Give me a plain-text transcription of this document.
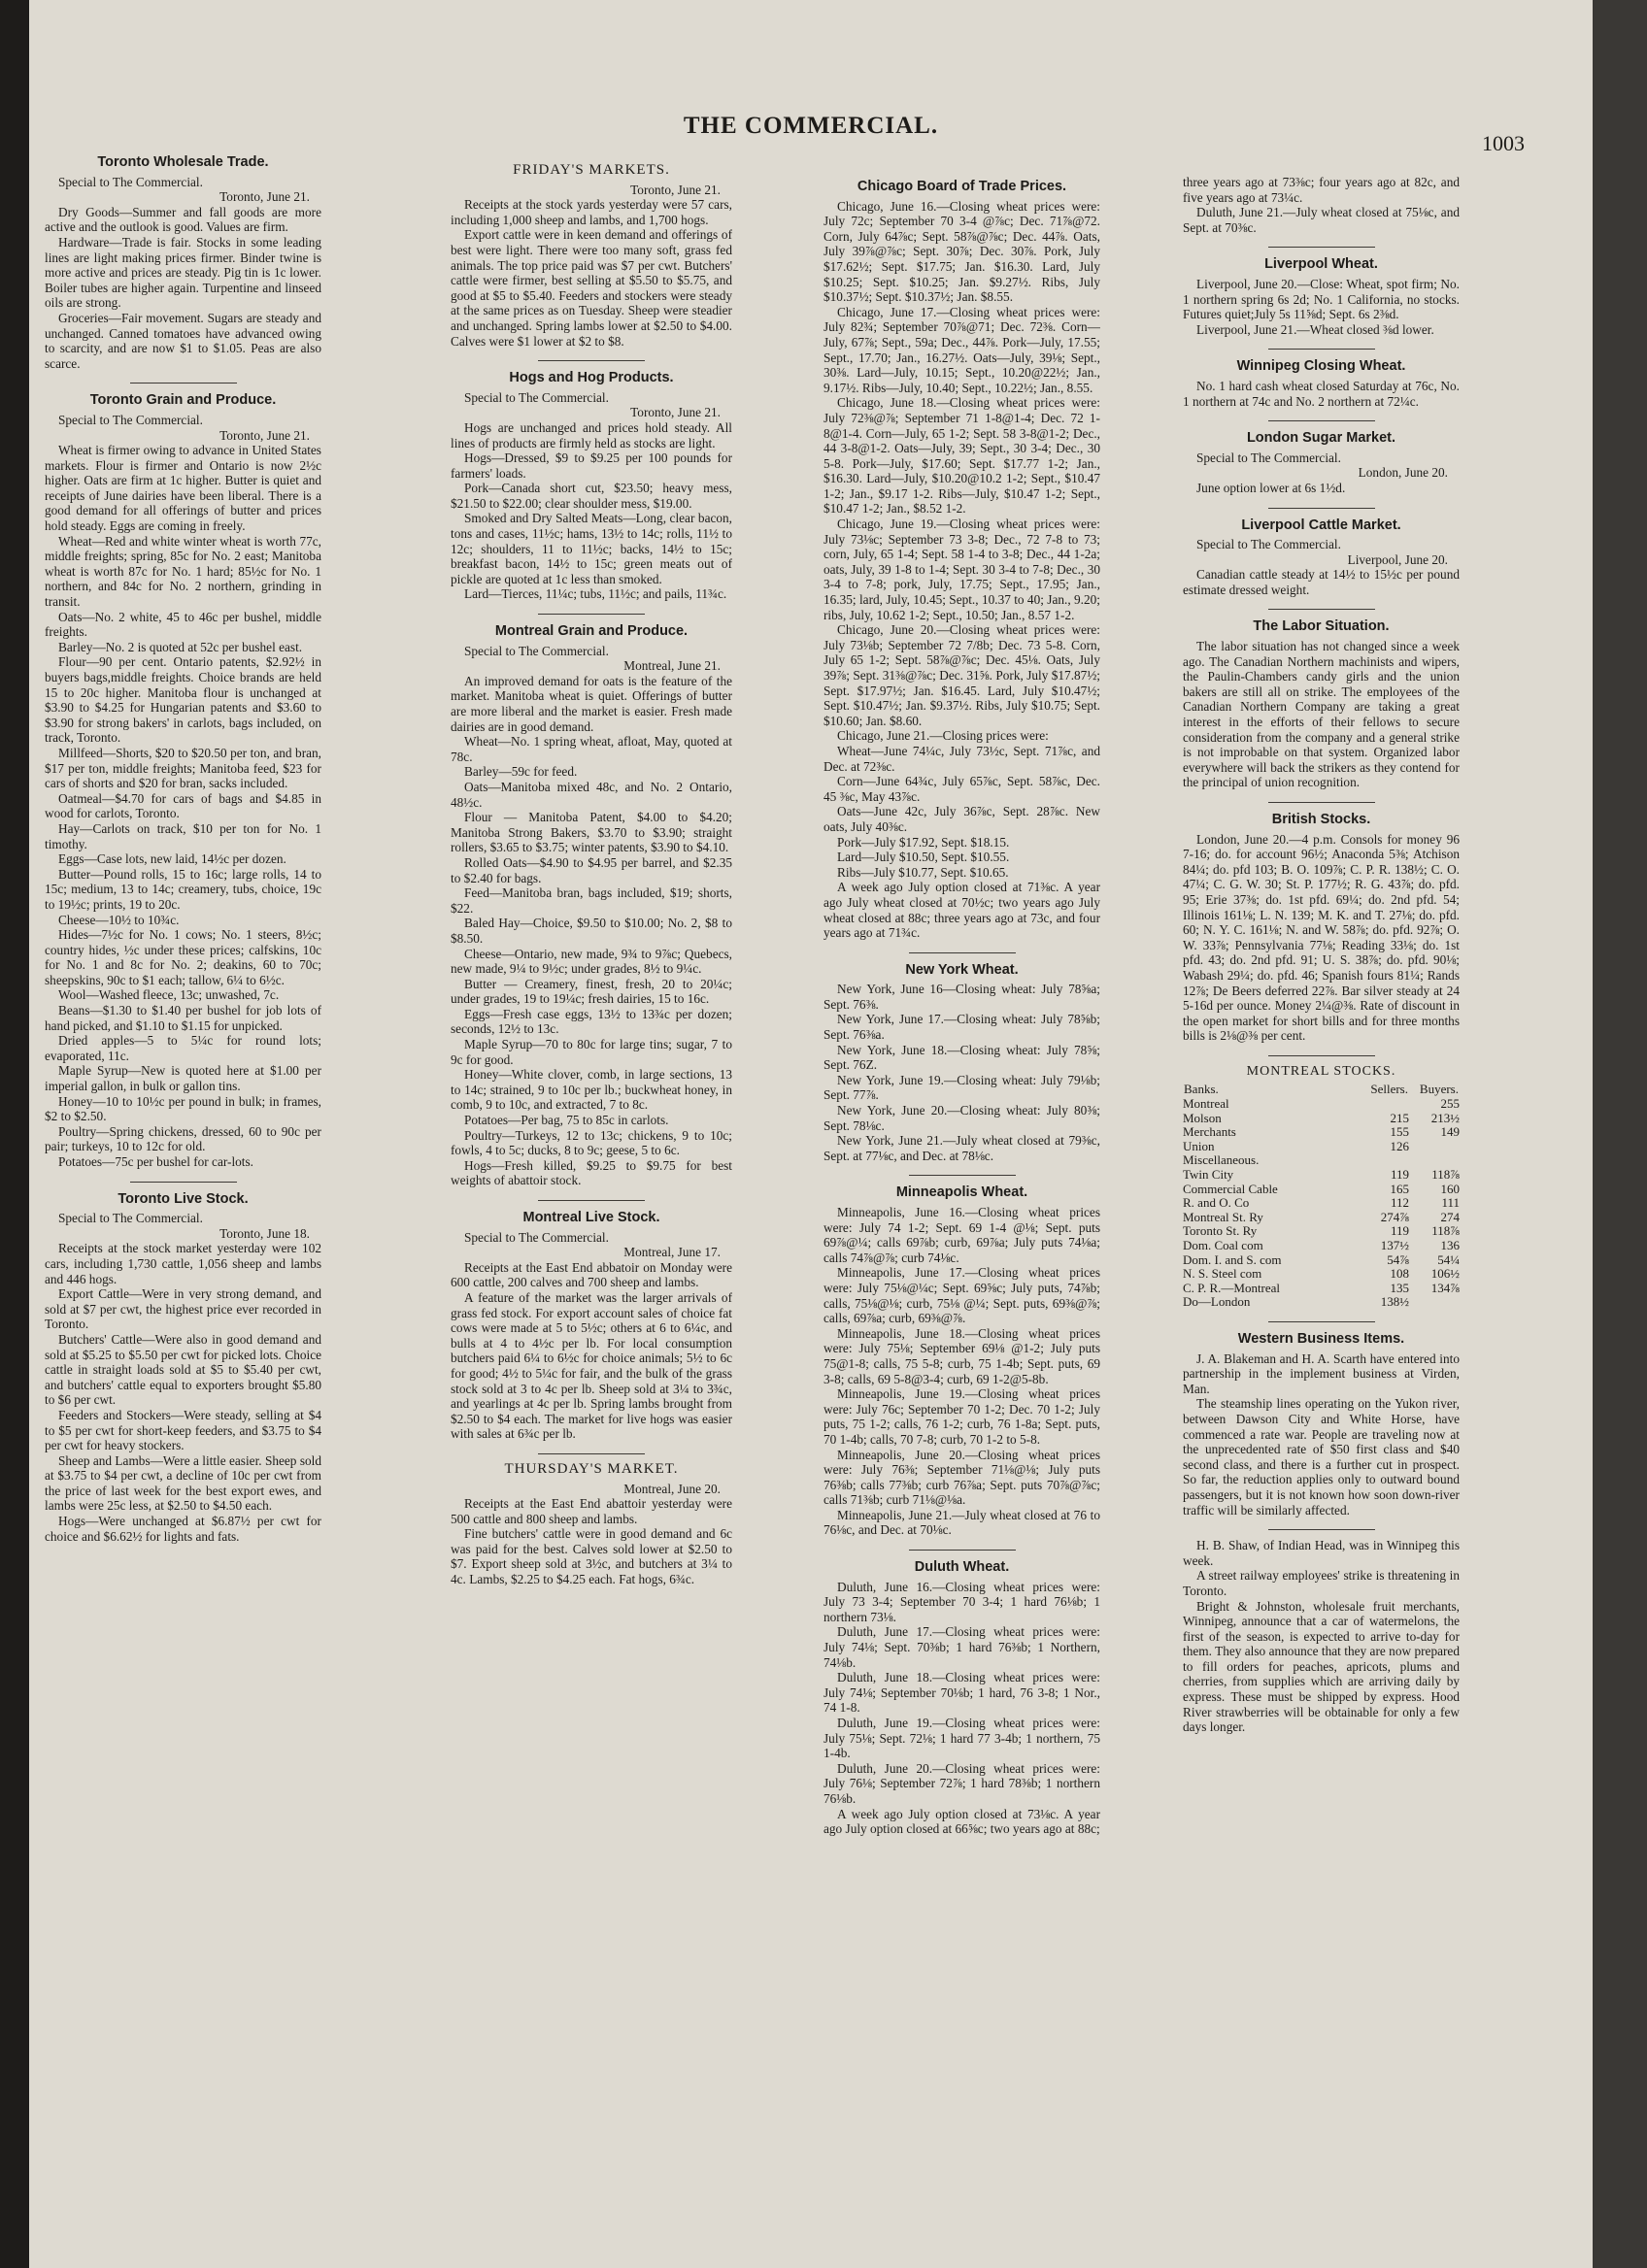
THE COMMERCIAL.
1003
Toronto Wholesale Trade.

Special to The Commercial.

Toronto, June 21.

Dry Goods—Summer and fall goods are more active and the outlook is good. Values are firm.

Hardware—Trade is fair. Stocks in some leading lines are light making prices firmer. Binder twine is more active and prices are steady. Pig tin is 1c lower. Boiler tubes are higher again. Turpentine and linseed oils are strong.

Groceries—Fair movement. Sugars are steady and unchanged. Canned tomatoes have advanced owing to scarcity, and are now $1 to $1.05. Peas are also scarce.

Toronto Grain and Produce.

Special to The Commercial.

Toronto, June 21.

Wheat is firmer owing to advance in United States markets. Flour is firmer and Ontario is now 2½c higher. Oats are firm at 1c higher. Butter is quiet and receipts of June dairies have been liberal. There is a good demand for all offerings of butter and prices hold steady. Eggs are coming in freely.

Wheat—Red and white winter wheat is worth 77c, middle freights; spring, 85c for No. 2 east; Manitoba wheat is worth 87c for No. 1 hard; 85½c for No. 1 northern, and 84c for No. 2 northern, grinding in transit.

Oats—No. 2 white, 45 to 46c per bushel, middle freights.

Barley—No. 2 is quoted at 52c per bushel east.

Flour—90 per cent. Ontario patents, $2.92½ in buyers bags,middle freights. Choice brands are held 15 to 20c higher. Manitoba flour is unchanged at $3.90 to $4.25 for Hungarian patents and $3.60 to $3.90 for strong bakers' in carlots, bags included, on track, Toronto.

Millfeed—Shorts, $20 to $20.50 per ton, and bran, $17 per ton, middle freights; Manitoba feed, $23 for cars of shorts and $20 for bran, sacks included.

Oatmeal—$4.70 for cars of bags and $4.85 in wood for carlots, Toronto.

Hay—Carlots on track, $10 per ton for No. 1 timothy.

Eggs—Case lots, new laid, 14½c per dozen.

Butter—Pound rolls, 15 to 16c; large rolls, 14 to 15c; medium, 13 to 14c; creamery, tubs, choice, 19c to 19½c; prints, 19 to 20c.

Cheese—10½ to 10¾c.

Hides—7½c for No. 1 cows; No. 1 steers, 8½c; country hides, ½c under these prices; calfskins, 10c for No. 1 and 8c for No. 2; deakins, 60 to 70c; sheepskins, 90c to $1 each; tallow, 6¼ to 6½c.

Wool—Washed fleece, 13c; unwashed, 7c.

Beans—$1.30 to $1.40 per bushel for job lots of hand picked, and $1.10 to $1.15 for unpicked.

Dried apples—5 to 5¼c for round lots; evaporated, 11c.

Maple Syrup—New is quoted here at $1.00 per imperial gallon, in bulk or gallon tins.

Honey—10 to 10½c per pound in bulk; in frames, $2 to $2.50.

Poultry—Spring chickens, dressed, 60 to 90c per pair; turkeys, 10 to 12c for old.

Potatoes—75c per bushel for car-lots.

Toronto Live Stock.

Special to The Commercial.

Toronto, June 18.

Receipts at the stock market yesterday were 102 cars, including 1,730 cattle, 1,056 sheep and lambs and 446 hogs.

Export Cattle—Were in very strong demand, and sold at $7 per cwt, the highest price ever recorded in Toronto.

Butchers' Cattle—Were also in good demand and sold at $5.25 to $5.50 per cwt for picked lots. Choice cattle in straight loads sold at $5 to $5.40 per cwt, and butchers' cattle equal to exporters brought $5.80 to $6 per cwt.

Feeders and Stockers—Were steady, selling at $4 to $5 per cwt for short-keep feeders, and $3.75 to $4 per cwt for heavy stockers.

Sheep and Lambs—Were a little easier. Sheep sold at $3.75 to $4 per cwt, a decline of 10c per cwt from the price of last week for the best export ewes, and lambs were 25c less, at $2.50 to $4.50 each.

Hogs—Were unchanged at $6.87½ per cwt for choice and $6.62½ for lights and fats.

FRIDAY'S MARKETS.

Toronto, June 21.

Receipts at the stock yards yesterday were 57 cars, including 1,000 sheep and lambs, and 1,700 hogs.

Export cattle were in keen demand and offerings of best were light. There were too many soft, grass fed animals. The top price paid was $7 per cwt. Butchers' cattle were firmer, best selling at $5.50 to $5.75, and good at $5 to $5.40. Feeders and stockers were steady at the same prices as on Tuesday. Sheep were steadier and unchanged. Spring lambs lower at $2.50 to $4.00. Calves were $1 lower at $2 to $8.

Hogs and Hog Products.

Special to The Commercial.

Toronto, June 21.

Hogs are unchanged and prices hold steady. All lines of products are firmly held as stocks are light.

Hogs—Dressed, $9 to $9.25 per 100 pounds for farmers' loads.

Pork—Canada short cut, $23.50; heavy mess, $21.50 to $22.00; clear shoulder mess, $19.00.

Smoked and Dry Salted Meats—Long, clear bacon, tons and cases, 11½c; hams, 13½ to 14c; rolls, 11½ to 12c; shoulders, 11 to 11½c; backs, 14½ to 15c; breakfast bacon, 14½ to 15c; green meats out of pickle are quoted at 1c less than smoked.

Lard—Tierces, 11¼c; tubs, 11½c; and pails, 11¾c.

Montreal Grain and Produce.

Special to The Commercial.

Montreal, June 21.

An improved demand for oats is the feature of the market. Manitoba wheat is quiet. Offerings of butter are more liberal and the market is easier. Fresh made dairies are in good demand.

Wheat—No. 1 spring wheat, afloat, May, quoted at 78c.

Barley—59c for feed.

Oats—Manitoba mixed 48c, and No. 2 Ontario, 48½c.

Flour — Manitoba Patent, $4.00 to $4.20; Manitoba Strong Bakers, $3.70 to $3.90; straight rollers, $3.65 to $3.75; winter patents, $3.90 to $4.10.

Rolled Oats—$4.90 to $4.95 per barrel, and $2.35 to $2.40 for bags.

Feed—Manitoba bran, bags included, $19; shorts, $22.

Baled Hay—Choice, $9.50 to $10.00; No. 2, $8 to $8.50.

Cheese—Ontario, new made, 9¾ to 9⅞c; Quebecs, new made, 9¼ to 9½c; under grades, 8½ to 9¼c.

Butter — Creamery, finest, fresh, 20 to 20¼c; under grades, 19 to 19¼c; fresh dairies, 15 to 16c.

Eggs—Fresh case eggs, 13½ to 13¾c per dozen; seconds, 12½ to 13c.

Maple Syrup—70 to 80c for large tins; sugar, 7 to 9c for good.

Honey—White clover, comb, in large sections, 13 to 14c; strained, 9 to 10c per lb.; buckwheat honey, in comb, 9 to 10c, and extracted, 7 to 8c.

Potatoes—Per bag, 75 to 85c in carlots.

Poultry—Turkeys, 12 to 13c; chickens, 9 to 10c; fowls, 4 to 5c; ducks, 8 to 9c; geese, 5 to 6c.

Hogs—Fresh killed, $9.25 to $9.75 for best weights of abattoir stock.

Montreal Live Stock.

Special to The Commercial.

Montreal, June 17.

Receipts at the East End abbatoir on Monday were 600 cattle, 200 calves and 700 sheep and lambs.

A feature of the market was the larger arrivals of grass fed stock. For export account sales of choice fat cows were made at 5 to 5½c; others at 6 to 6¼c, and bulls at 4 to 4½c per lb. For local consumption butchers paid 6¼ to 6½c for choice animals; 5½ to 6c for good; 4½ to 5¼c for fair, and the bulk of the grass stock sold at 3 to 4c per lb. Sheep sold at 3¼ to 3¾c, and yearlings at 4c per lb. Spring lambs brought from $2.50 to $4 each. The market for live hogs was easier with sales at 6¾c per lb.

THURSDAY'S MARKET.

Montreal, June 20.

Receipts at the East End abattoir yesterday were 500 cattle and 800 sheep and lambs.

Fine butchers' cattle were in good demand and 6c was paid for the best. Calves sold lower at $2.50 to $7. Export sheep sold at 3½c, and butchers at 3¼ to 4c. Lambs, $2.25 to $4.25 each. Fat hogs, 6¾c.

Chicago Board of Trade Prices.

Chicago, June 16.—Closing wheat prices were: July 72c; September 70 3-4 @⅞c; Dec. 71⅞@72. Corn, July 64⅞c; Sept. 58⅞@⅞c; Dec. 44⅞. Oats, July 39⅞@⅞c; Sept. 30⅞; Dec. 30⅞. Pork, July $17.62½; Sept. $17.75; Jan. $16.30. Lard, July $10.25; Sept. $10.25; Jan. $9.27½. Ribs, July $10.37½; Sept. $10.37½; Jan. $8.55.

Chicago, June 17.—Closing wheat prices were: July 82¾; September 70⅞@71; Dec. 72⅜. Corn—July, 67⅞; Sept., 59a; Dec., 44⅞. Pork—July, 17.55; Sept., 17.70; Jan., 16.27½. Oats—July, 39⅛; Sept., 30⅜. Lard—July, 10.15; Sept., 10.20@22½; Jan., 9.17½. Ribs—July, 10.40; Sept., 10.22½; Jan., 8.55.

Chicago, June 18.—Closing wheat prices were: July 72⅜@⅞; September 71 1-8@1-4; Dec. 72 1-8@1-4. Corn—July, 65 1-2; Sept. 58 3-8@1-2; Dec., 44 3-8@1-2. Oats—July, 39; Sept., 30 3-4; Dec., 30 5-8. Pork—July, $17.60; Sept. $17.77 1-2; Jan., $16.30. Lard—July, $10.20@10.2 1-2; Sept., $10.47 1-2; Jan., $9.17 1-2. Ribs—July, $10.47 1-2; Sept., $10.47 1-2; Jan., $8.52 1-2.

Chicago, June 19.—Closing wheat prices were: July 73⅛c; September 73 3-8; Dec., 72 7-8 to 73; corn, July, 65 1-4; Sept. 58 1-4 to 3-8; Dec., 44 1-2a; oats, July, 39 1-8 to 1-4; Sept. 30 3-4 to 7-8; Dec., 30 3-4 to 7-8; pork, July, 17.75; Sept., 17.95; Jan., 16.35; lard, July, 10.45; Sept., 10.37 to 40; Jan., 9.20; ribs, July, 10.62 1-2; Sept., 10.50; Jan., 8.57 1-2.

Chicago, June 20.—Closing wheat prices were: July 73⅛b; September 72 7/8b; Dec. 73 5-8. Corn, July 65 1-2; Sept. 58⅞@⅞c; Dec. 45⅛. Oats, July 39⅞; Sept. 31⅜@⅞c; Dec. 31⅝. Pork, July $17.87½; Sept. $17.97½; Jan. $16.45. Lard, July $10.47½; Sept. $10.47½; Jan. $9.37½. Ribs, July $10.75; Sept. $10.60; Jan. $8.60.

Chicago, June 21.—Closing prices were:

Wheat—June 74¼c, July 73½c, Sept. 71⅞c, and Dec. at 72⅜c.

Corn—June 64¾c, July 65⅞c, Sept. 58⅞c, Dec. 45 ⅜c, May 43⅞c.

Oats—June 42c, July 36⅞c, Sept. 28⅞c. New oats, July 40⅜c.

Pork—July $17.92, Sept. $18.15.

Lard—July $10.50, Sept. $10.55.

Ribs—July $10.77, Sept. $10.65.

A week ago July option closed at 71⅜c. A year ago July wheat closed at 70½c; two years ago July wheat closed at 88c; three years ago at 73c, and four years ago at 71¾c.

New York Wheat.

New York, June 16—Closing wheat: July 78⅝a; Sept. 76⅜.

New York, June 17.—Closing wheat: July 78⅝b; Sept. 76⅜a.

New York, June 18.—Closing wheat: July 78⅝; Sept. 76Z.

New York, June 19.—Closing wheat: July 79⅛b; Sept. 77⅞.

New York, June 20.—Closing wheat: July 80⅜; Sept. 78⅛c.

New York, June 21.—July wheat closed at 79⅜c, Sept. at 77⅛c, and Dec. at 78⅛c.

Minneapolis Wheat.

Minneapolis, June 16.—Closing wheat prices were: July 74 1-2; Sept. 69 1-4 @⅛; Sept. puts 69⅞@¼; calls 69⅞b; curb, 69⅞a; July puts 74⅛a; calls 74⅞@⅞; curb 74⅛c.

Minneapolis, June 17.—Closing wheat prices were: July 75⅛@¼c; Sept. 69⅝c; July puts, 74⅞b; calls, 75⅛@⅛; curb, 75⅛ @¼; Sept. puts, 69⅜@⅞; calls, 69⅞a; curb, 69⅜@⅞.

Minneapolis, June 18.—Closing wheat prices were: July 75⅛; September 69⅛ @1-2; July puts 75@1-8; calls, 75 5-8; curb, 75 1-4b; Sept. puts, 69 3-8; calls, 69 5-8@3-4; curb, 69 1-2@5-8b.

Minneapolis, June 19.—Closing wheat prices were: July 76c; September 70 1-2; Dec. 70 1-2; July puts, 75 1-2; calls, 76 1-2; curb, 76 1-8a; Sept. puts, 70 1-4b; calls, 70 7-8; curb, 70 1-2 to 5-8.

Minneapolis, June 20.—Closing wheat prices were: July 76⅜; September 71⅛@⅛; July puts 76⅜b; calls 77⅜b; curb 76⅞a; Sept. puts 70⅞@⅞c; calls 71⅜b; curb 71⅛@⅛a.

Minneapolis, June 21.—July wheat closed at 76 to 76⅛c, and Dec. at 70⅛c.

Duluth Wheat.

Duluth, June 16.—Closing wheat prices were: July 73 3-4; September 70 3-4; 1 hard 76⅛b; 1 northern 73⅛.

Duluth, June 17.—Closing wheat prices were: July 74⅛; Sept. 70⅜b; 1 hard 76⅜b; 1 Northern, 74⅛b.

Duluth, June 18.—Closing wheat prices were: July 74⅛; September 70⅛b; 1 hard, 76 3-8; 1 Nor., 74 1-8.

Duluth, June 19.—Closing wheat prices were: July 75⅛; Sept. 72⅛; 1 hard 77 3-4b; 1 northern, 75 1-4b.

Duluth, June 20.—Closing wheat prices were: July 76⅛; September 72⅞; 1 hard 78⅜b; 1 northern 76⅛b.

A week ago July option closed at 73⅛c. A year ago July option closed at 66⅝c; two years ago at 88c;

three years ago at 73⅜c; four years ago at 82c, and five years ago at 73¼c.

Duluth, June 21.—July wheat closed at 75⅛c, and Sept. at 70⅜c.

Liverpool Wheat.

Liverpool, June 20.—Close: Wheat, spot firm; No. 1 northern spring 6s 2d; No. 1 California, no stocks. Futures quiet;July 5s 11⅝d; Sept. 6s 2⅜d.

Liverpool, June 21.—Wheat closed ⅜d lower.

Winnipeg Closing Wheat.

No. 1 hard cash wheat closed Saturday at 76c, No. 1 northern at 74c and No. 2 northern at 72¼c.

London Sugar Market.

Special to The Commercial.

London, June 20.

June option lower at 6s 1½d.

Liverpool Cattle Market.

Special to The Commercial.

Liverpool, June 20.

Canadian cattle steady at 14½ to 15½c per pound estimate dressed weight.

The Labor Situation.

The labor situation has not changed since a week ago. The Canadian Northern machinists and wipers, the Paulin-Chambers candy girls and the union bakers are still all on strike. The employees of the Canadian Northern Company are taking a great interest in the efforts of their fellows to secure consideration from the company and a general strike is not improbable on that system. Organized labor everywhere will back the strikers as they contend for the principal of union recognition.

British Stocks.

London, June 20.—4 p.m. Consols for money 96 7-16; do. for account 96½; Anaconda 5⅜; Atchison 84¼; do. pfd 103; B. O. 109⅞; C. P. R. 138½; C. O. 47¼; C. G. W. 30; St. P. 177½; R. G. 43⅞; do. pfd. 95; Erie 37⅜; do. 1st pfd. 69¼; do. 2nd pfd. 54; Illinois 161⅛; L. N. 139; M. K. and T. 27⅛; do. pfd. 60; N. Y. C. 161⅛; N. and W. 58⅞; do. pfd. 92⅞; O. W. 33⅞; Pennsylvania 77⅛; Reading 33⅛; do. 1st pfd. 43; do. 2nd pfd. 91; U. S. 38⅞; do. pfd. 90⅛; Wabash 29¼; do. pfd. 46; Spanish fours 81¼; Rands 12⅞; De Beers deferred 22⅞. Bar silver steady at 24 5-16d per ounce. Money 2¼@⅜. Rate of discount in the open market for short bills and for three months bills is 2⅛@⅜ per cent.

MONTREAL STOCKS.
Banks.	Sellers.	Buyers.
Montreal		255
Molson	215	213½
Merchants	155	149
Union	126	
Miscellaneous.		
Twin City	119	118⅞
Commercial Cable	165	160
R. and O. Co	112	111
Montreal St. Ry	274⅞	274
Toronto St. Ry	119	118⅞
Dom. Coal com	137½	136
Dom. I. and S. com	54⅞	54¼
N. S. Steel com	108	106½
C. P. R.—Montreal	135	134⅞
Do—London	138½	
Western Business Items.

J. A. Blakeman and H. A. Scarth have entered into partnership in the implement business at Virden, Man.

The steamship lines operating on the Yukon river, between Dawson City and White Horse, have commenced a rate war. People are traveling now at the unprecedented rate of $50 first class and $40 second class, and there is a further cut in prospect. So far, the reduction applies only to outward bound passengers, but it is not known how soon down-river traffic will be similarly affected.

H. B. Shaw, of Indian Head, was in Winnipeg this week.

A street railway employees' strike is threatening in Toronto.

Bright & Johnston, wholesale fruit merchants, Winnipeg, announce that a car of watermelons, the first of the season, is expected to arrive to-day for them. They also announce that they are now prepared to fill orders for peaches, apricots, plums and cherries, from supplies which are arriving daily by express. These must be shipped by express. Hood River strawberries will be obtainable for only a few days longer.
